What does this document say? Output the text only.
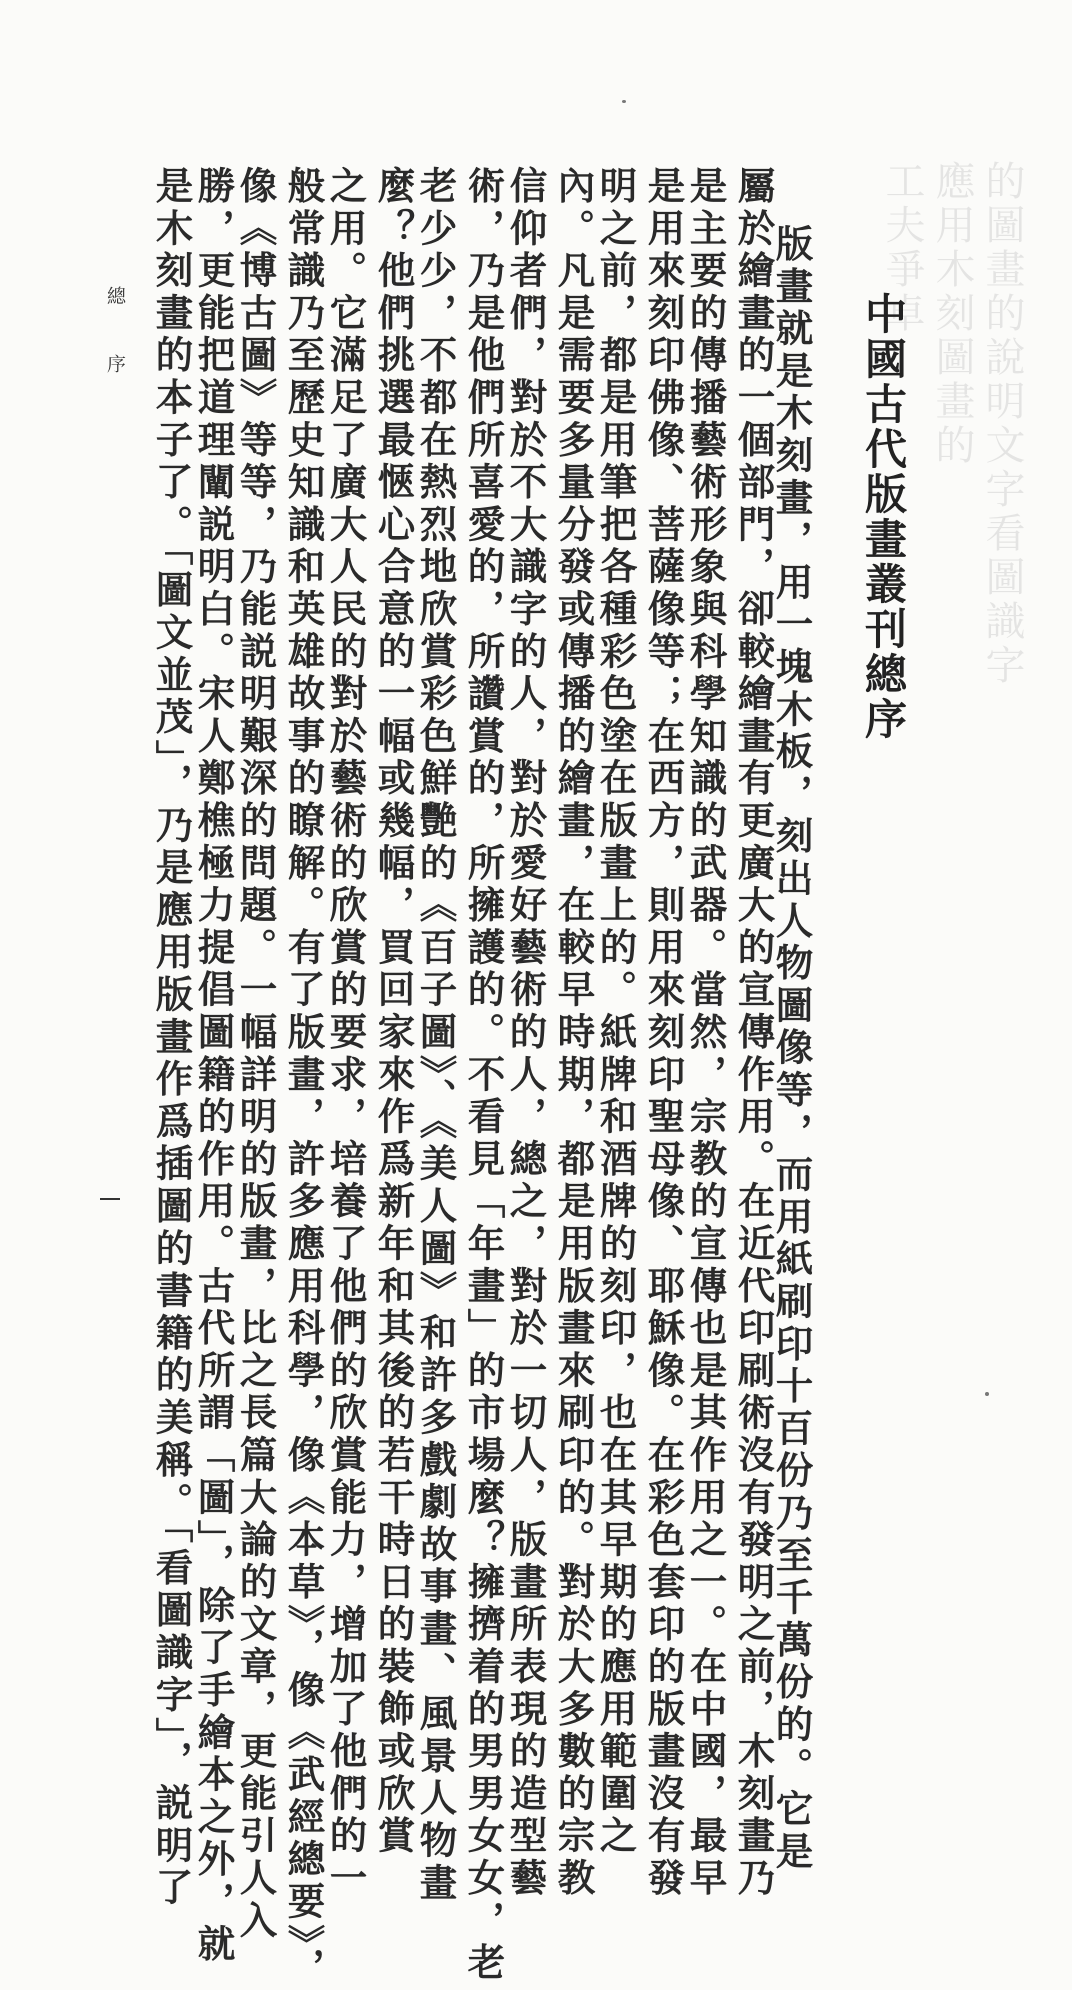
的圖畫的說明文字看圖識字
應用木刻圖畫的
工夫爭卓
中國古代版畫叢刊總序
版畫就是木刻畫，用一塊木板，刻出人物圖像等，而用紙刷印十百份乃至千萬份的。它是
屬於繪畫的一個部門，卻較繪畫有更廣大的宣傳作用。在近代印刷術沒有發明之前，木刻畫乃
是主要的傳播藝術形象與科學知識的武器。當然，宗教的宣傳也是其作用之一。在中國，最早
是用來刻印佛像、菩薩像等；在西方，則用來刻印聖母像、耶穌像。在彩色套印的版畫沒有發
明之前，都是用筆把各種彩色塗在版畫上的。紙牌和酒牌的刻印，也在其早期的應用範圍之
內。凡是需要多量分發或傳播的繪畫，在較早時期，都是用版畫來刷印的。對於大多數的宗教
信仰者們，對於不大識字的人，對於愛好藝術的人，總之，對於一切人，版畫所表現的造型藝
術，乃是他們所喜愛的，所讚賞的，所擁護的。不看見「年畫」的市場麼？擁擠着的男男女女，老
老少少，不都在熱烈地欣賞彩色鮮艷的《百子圖》、《美人圖》和許多戲劇故事畫、風景人物畫
麼？他們挑選最愜心合意的一幅或幾幅，買回家來作爲新年和其後的若干時日的裝飾或欣賞
之用。它滿足了廣大人民的對於藝術的欣賞的要求，培養了他們的欣賞能力，增加了他們的一
般常識乃至歷史知識和英雄故事的瞭解。有了版畫，許多應用科學，像《本草》，像《武經總要》，
像《博古圖》等等，乃能説明艱深的問題。一幅詳明的版畫，比之長篇大論的文章，更能引人入
勝，更能把道理闡説明白。宋人鄭樵極力提倡圖籍的作用。古代所謂「圖」，除了手繪本之外，就
是木刻畫的本子了。「圖文並茂」，乃是應用版畫作爲插圖的書籍的美稱。「看圖識字」，説明了
總
序
